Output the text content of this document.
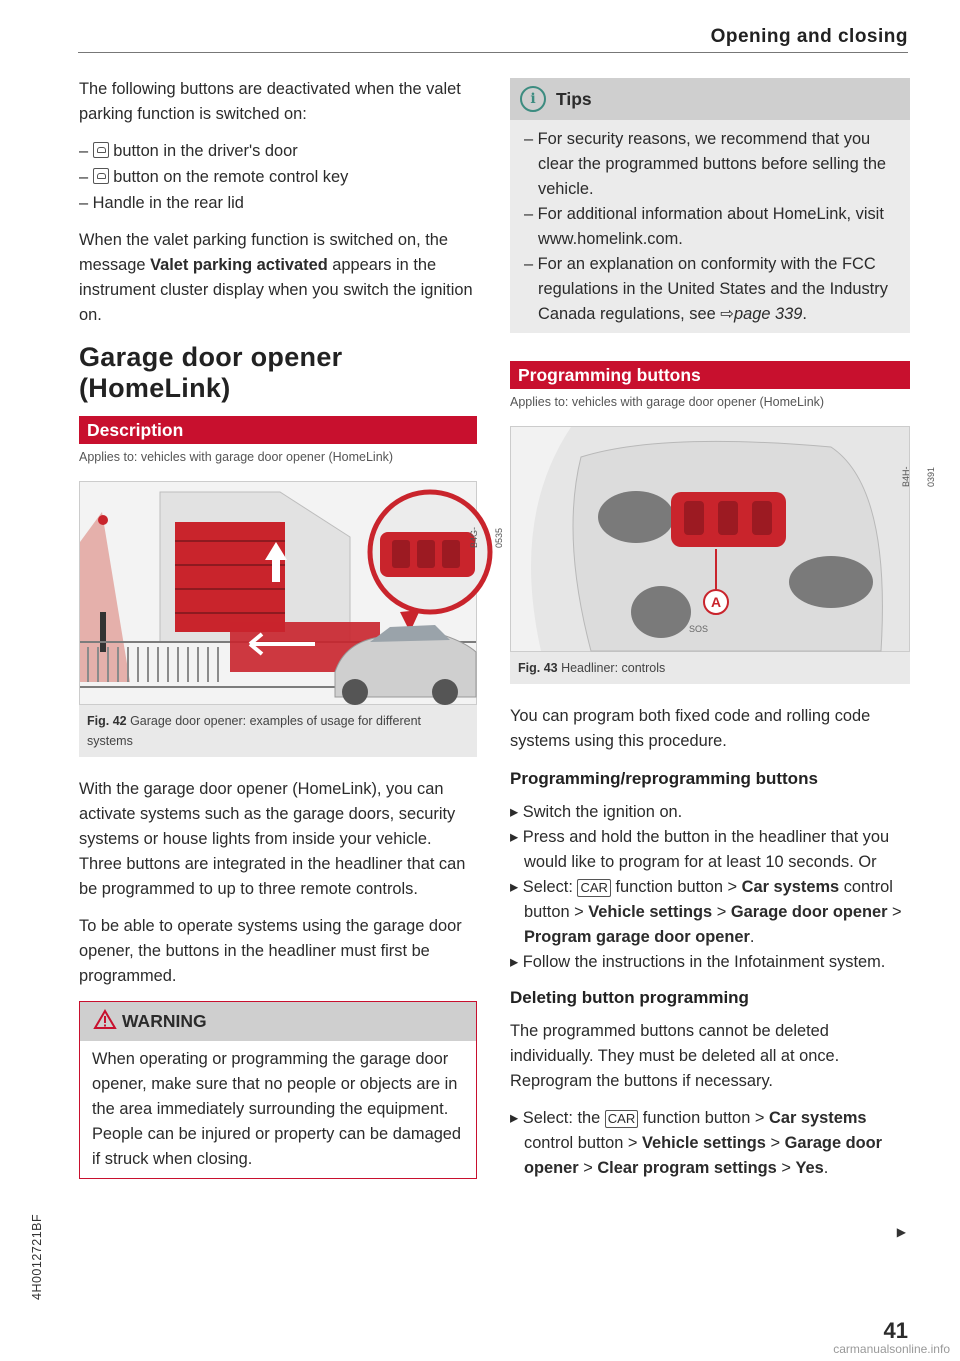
Opening and closing

The following buttons are deactivated when the valet parking function is switched on:

–  button in the driver's door
–  button on the remote control key
– Handle in the rear lid

When the valet parking function is switched on, the message Valet parking activated appears in the instrument cluster display when you switch the ignition on.

Garage door opener (HomeLink)
Description
Applies to: vehicles with garage door opener (HomeLink)
B4G-0535
Fig. 42 Garage door opener: examples of usage for different systems

With the garage door opener (HomeLink), you can activate systems such as the garage doors, security systems or house lights from inside your vehicle. Three buttons are integrated in the headliner that can be programmed to up to three remote controls.

To be able to operate systems using the garage door opener, the buttons in the headliner must first be programmed.

WARNING
When operating or programming the garage door opener, make sure that no people or objects are in the area immediately surrounding the equipment. People can be injured or property can be damaged if struck when closing.
i	Tips
– For security reasons, we recommend that you clear the programmed buttons before selling the vehicle.
– For additional information about HomeLink, visit www.homelink.com.
– For an explanation on conformity with the FCC regulations in the United States and the Industry Canada regulations, see ⇨page 339.
Programming buttons
Applies to: vehicles with garage door opener (HomeLink)
A
SOS
B4H-0391
Fig. 43 Headliner: controls

You can program both fixed code and rolling code systems using this procedure.

Programming/reprogramming buttons
▸ Switch the ignition on.
▸ Press and hold the button in the headliner that you would like to program for at least 10 seconds. Or
▸ Select: CAR function button > Car systems control button > Vehicle settings > Garage door opener > Program garage door opener.
▸ Follow the instructions in the Infotainment system.
Deleting button programming

The programmed buttons cannot be deleted individually. They must be deleted all at once. Reprogram the buttons if necessary.

▸ Select: the CAR function button > Car systems control button > Vehicle settings > Garage door opener > Clear program settings > Yes.
▶
4H0012721BF
41
carmanualsonline.info
